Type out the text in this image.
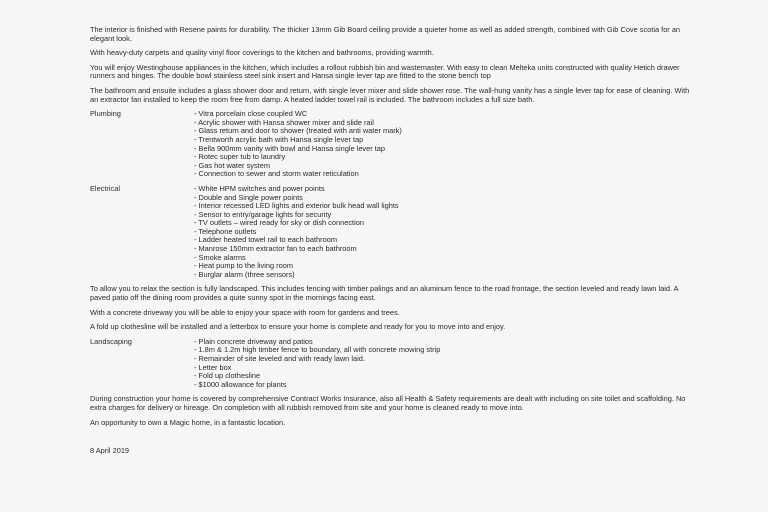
The interior is finished with Resene paints for durability. The thicker 13mm Gib Board ceiling provide a quieter home as well as added strength, combined with Gib Cove scotia for an elegant look.

With heavy-duty carpets and quality vinyl floor coverings to the kitchen and bathrooms, providing warmth.

You will enjoy Westinghouse appliances in the kitchen, which includes a rollout rubbish bin and wastemaster. With easy to clean Melteka units constructed with quality Hetich drawer runners and hinges. The double bowl stainless steel sink insert and Hansa single lever tap are fitted to the stone bench top

The bathroom and ensuite includes a glass shower door and return, with single lever mixer and slide shower rose. The wall-hung vanity has a single lever tap for ease of cleaning. With an extractor fan installed to keep the room free from damp. A heated ladder towel rail is included. The bathroom includes a full size bath.

Plumbing	- Vitra porcelain close coupled WC
- Acrylic shower with Hansa shower mixer and slide rail
- Glass return and door to shower (treated with anti water mark)
- Trentworth acrylic bath with Hansa single lever tap
- Bella 900mm vanity with bowl and Hansa single lever tap
- Rotec super tub to laundry
- Gas hot water system
- Connection to sewer and storm water reticulation
Electrical	- White HPM switches and power points
- Double and Single power points
- Interior recessed LED lights and exterior bulk head wall lights
- Sensor to entry/garage lights for security
- TV outlets – wired ready for sky or dish connection
- Telephone outlets
- Ladder heated towel rail to each bathroom
- Manrose 150mm extractor fan to each bathroom
- Smoke alarms
- Heat pump to the living room
- Burglar alarm (three sensors)

To allow you to relax the section is fully landscaped. This includes fencing with timber palings and an aluminum fence to the road frontage, the section leveled and ready lawn laid. A paved patio off the dining room provides a quite sunny spot in the mornings facing east.

With a concrete driveway you will be able to enjoy your space with room for gardens and trees.

A fold up clothesline will be installed and a letterbox to ensure your home is complete and ready for you to move into and enjoy.

Landscaping	- Plain concrete driveway and patios
- 1.8m & 1.2m high timber fence to boundary, all with concrete mowing strip
- Remainder of site leveled and with ready lawn laid.
- Letter box
- Fold up clothesline
- $1000 allowance for plants

During construction your home is covered by comprehensive Contract Works Insurance, also all Health & Safety requirements are dealt with including on site toilet and scaffolding. No extra charges for delivery or hireage. On completion with all rubbish removed from site and your home is cleaned ready to move into.

An opportunity to own a Magic home, in a fantastic location.

8 April 2019
